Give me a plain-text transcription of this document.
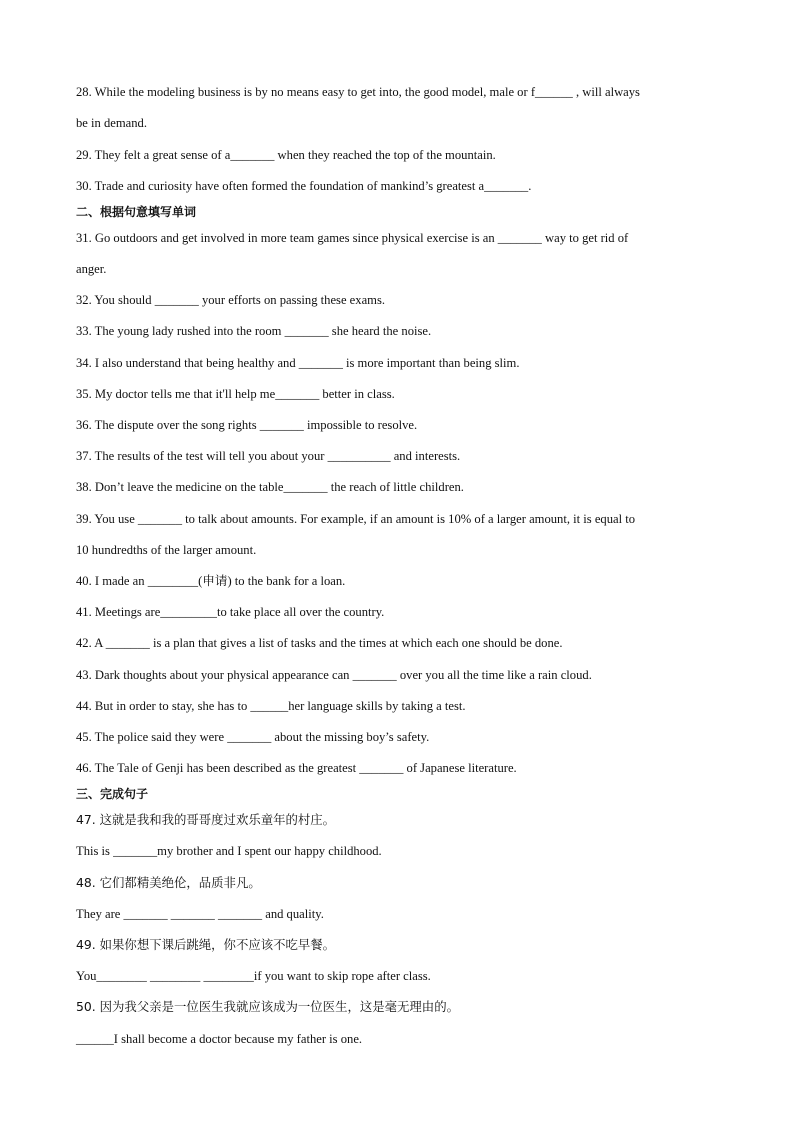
28. While the modeling business is by no means easy to get into, the good model, male or f______ , will always
be in demand.
29. They felt a great sense of a_______ when they reached the top of the mountain.
30. Trade and curiosity have often formed the foundation of mankind’s greatest a_______.
二、根据句意填写单词
31. Go outdoors and get involved in more team games since physical exercise is an _______ way to get rid of
anger.
32. You should _______ your efforts on passing these exams.
33. The young lady rushed into the room _______ she heard the noise.
34. I also understand that being healthy and _______ is more important than being slim.
35. My doctor tells me that it'll help me_______ better in class.
36. The dispute over the song rights _______ impossible to resolve.
37. The results of the test will tell you about your __________ and interests.
38. Don’t leave the medicine on the table_______ the reach of little children.
39. You use _______ to talk about amounts. For example, if an amount is 10% of a larger amount, it is equal to
10 hundredths of the larger amount.
40. I made an ________(申请) to the bank for a loan.
41. Meetings are_________to take place all over the country.
42. A _______ is a plan that gives a list of tasks and the times at which each one should be done.
43. Dark thoughts about your physical appearance can _______ over you all the time like a rain cloud.
44. But in order to stay, she has to ______her language skills by taking a test.
45. The police said they were _______ about the missing boy’s safety.
46. The Tale of Genji has been described as the greatest _______ of Japanese literature.
三、完成句子
47. 这就是我和我的哥哥度过欢乐童年的村庄。
This is _______my brother and I spent our happy childhood.
48. 它们都精美绝伦，品质非凡。
They are _______ _______ _______ and quality.
49. 如果你想下课后跳绳，你不应该不吃早餐。
You________ ________ ________if you want to skip rope after class.
50. 因为我父亲是一位医生我就应该成为一位医生，这是毫无理由的。
______I shall become a doctor because my father is one.
